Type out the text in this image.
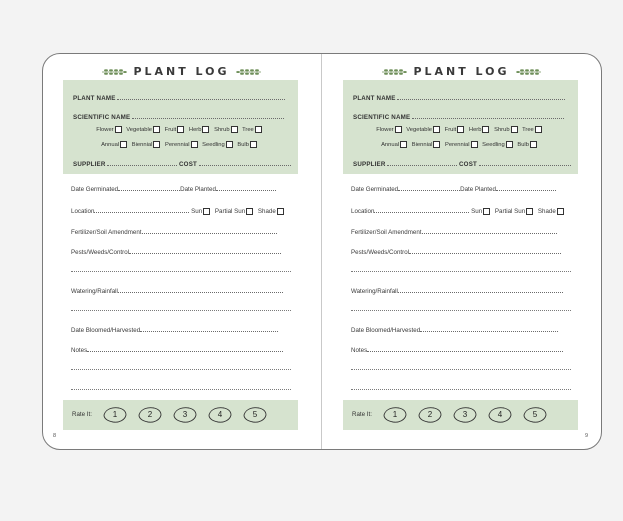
PLANT LOG
PLANT NAME
SCIENTIFIC NAME
Flower Vegetable Fruit Herb Shrub Tree
Annual Biennial Perennial Seedling Bulb
SUPPLIER	COST
Date Germinated	Date Planted
Location	Sun Partial Sun Shade
Fertilizer/Soil Amendment
Pests/Weeds/Control
Watering/Rainfall
Date Bloomed/Harvested
Notes
Rate It:	1	2	3	4	5
8
PLANT LOG
PLANT NAME
SCIENTIFIC NAME
Flower Vegetable Fruit Herb Shrub Tree
Annual Biennial Perennial Seedling Bulb
SUPPLIER	COST
Date Germinated	Date Planted
Location	Sun Partial Sun Shade
Fertilizer/Soil Amendment
Pests/Weeds/Control
Watering/Rainfall
Date Bloomed/Harvested
Notes
Rate It:	1	2	3	4	5
9
